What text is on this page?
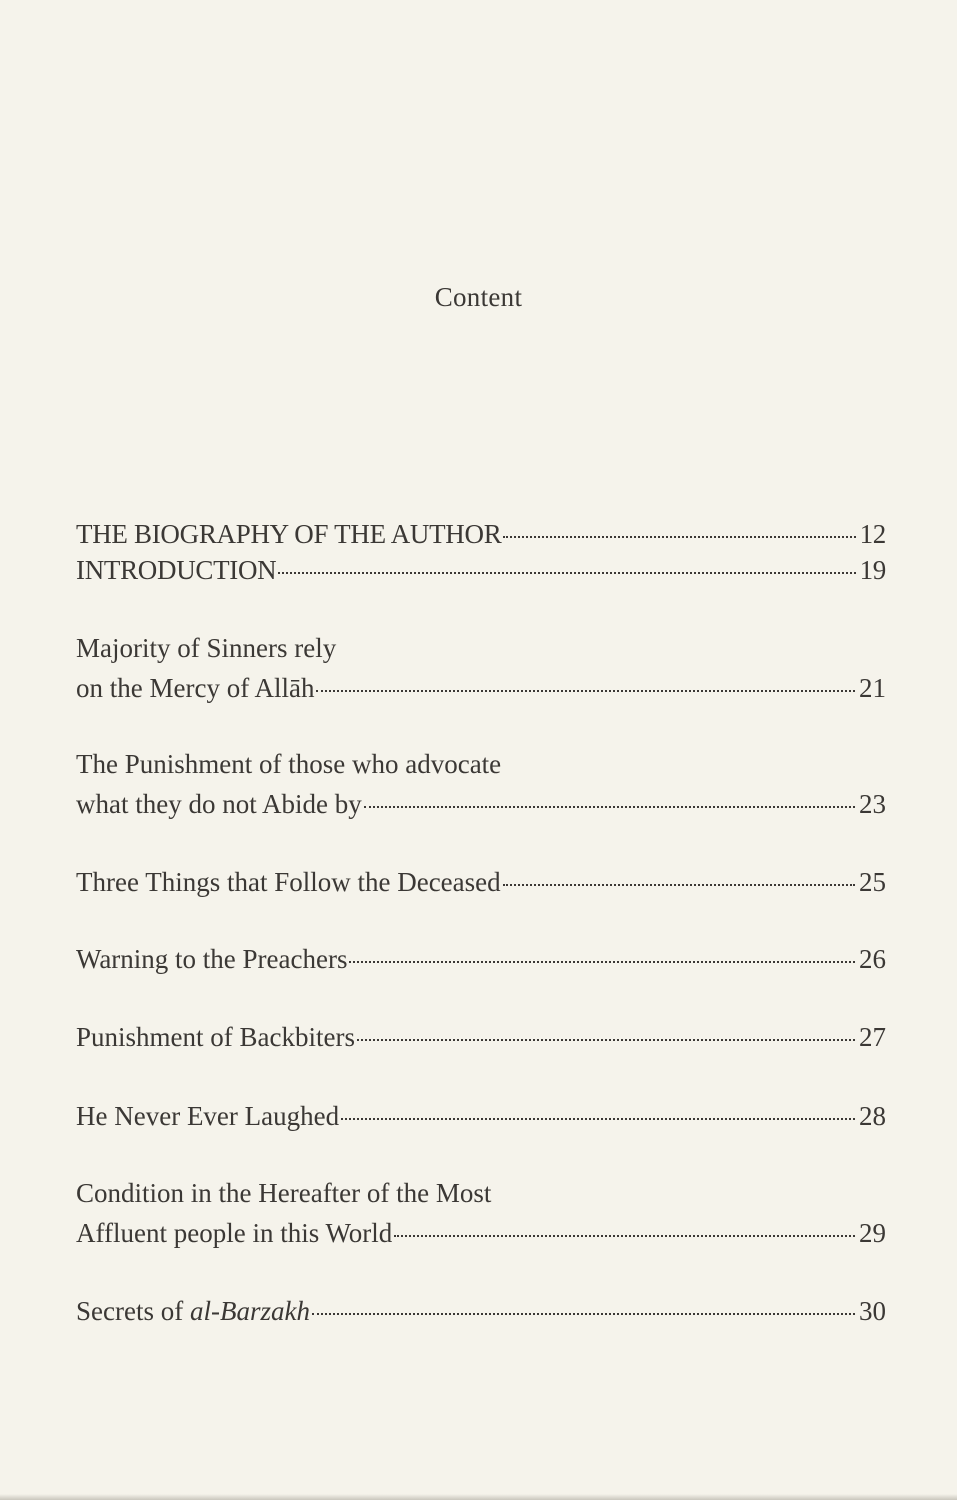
Content
THE BIOGRAPHY OF THE AUTHOR	12
INTRODUCTION	19
Majority of Sinners rely
on the Mercy of Allāh	21
The Punishment of those who advocate
what they do not Abide by	23
Three Things that Follow the Deceased	25
Warning to the Preachers	26
Punishment of Backbiters	27
He Never Ever Laughed	28
Condition in the Hereafter of the Most
Affluent people in this World	29
Secrets of al-Barzakh	30
